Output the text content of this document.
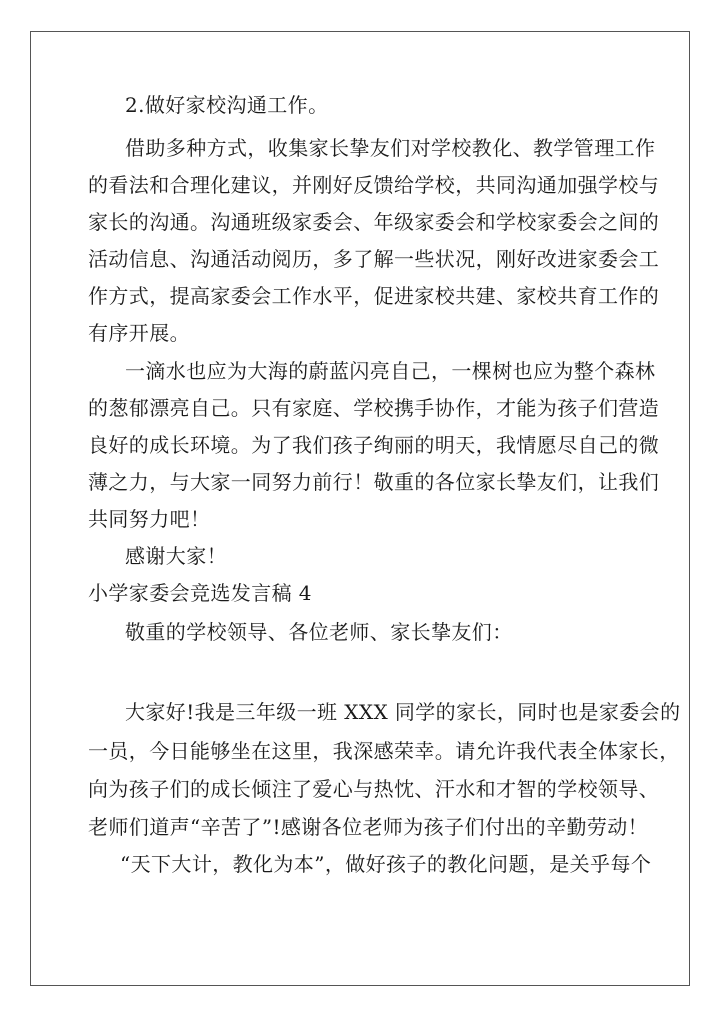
2.做好家校沟通工作。
借助多种方式，收集家长挚友们对学校教化、教学管理工作
的看法和合理化建议，并刚好反馈给学校，共同沟通加强学校与
家长的沟通。沟通班级家委会、年级家委会和学校家委会之间的
活动信息、沟通活动阅历，多了解一些状况，刚好改进家委会工
作方式，提高家委会工作水平，促进家校共建、家校共育工作的
有序开展。
一滴水也应为大海的蔚蓝闪亮自己，一棵树也应为整个森林
的葱郁漂亮自己。只有家庭、学校携手协作，才能为孩子们营造
良好的成长环境。为了我们孩子绚丽的明天，我情愿尽自己的微
薄之力，与大家一同努力前行！敬重的各位家长挚友们，让我们
共同努力吧！
感谢大家！
小学家委会竞选发言稿 4
敬重的学校领导、各位老师、家长挚友们：
大家好!我是三年级一班 XXX 同学的家长，同时也是家委会的
一员，今日能够坐在这里，我深感荣幸。请允许我代表全体家长，
向为孩子们的成长倾注了爱心与热忱、汗水和才智的学校领导、
老师们道声“辛苦了”!感谢各位老师为孩子们付出的辛勤劳动！
“天下大计，教化为本”，做好孩子的教化问题，是关乎每个
